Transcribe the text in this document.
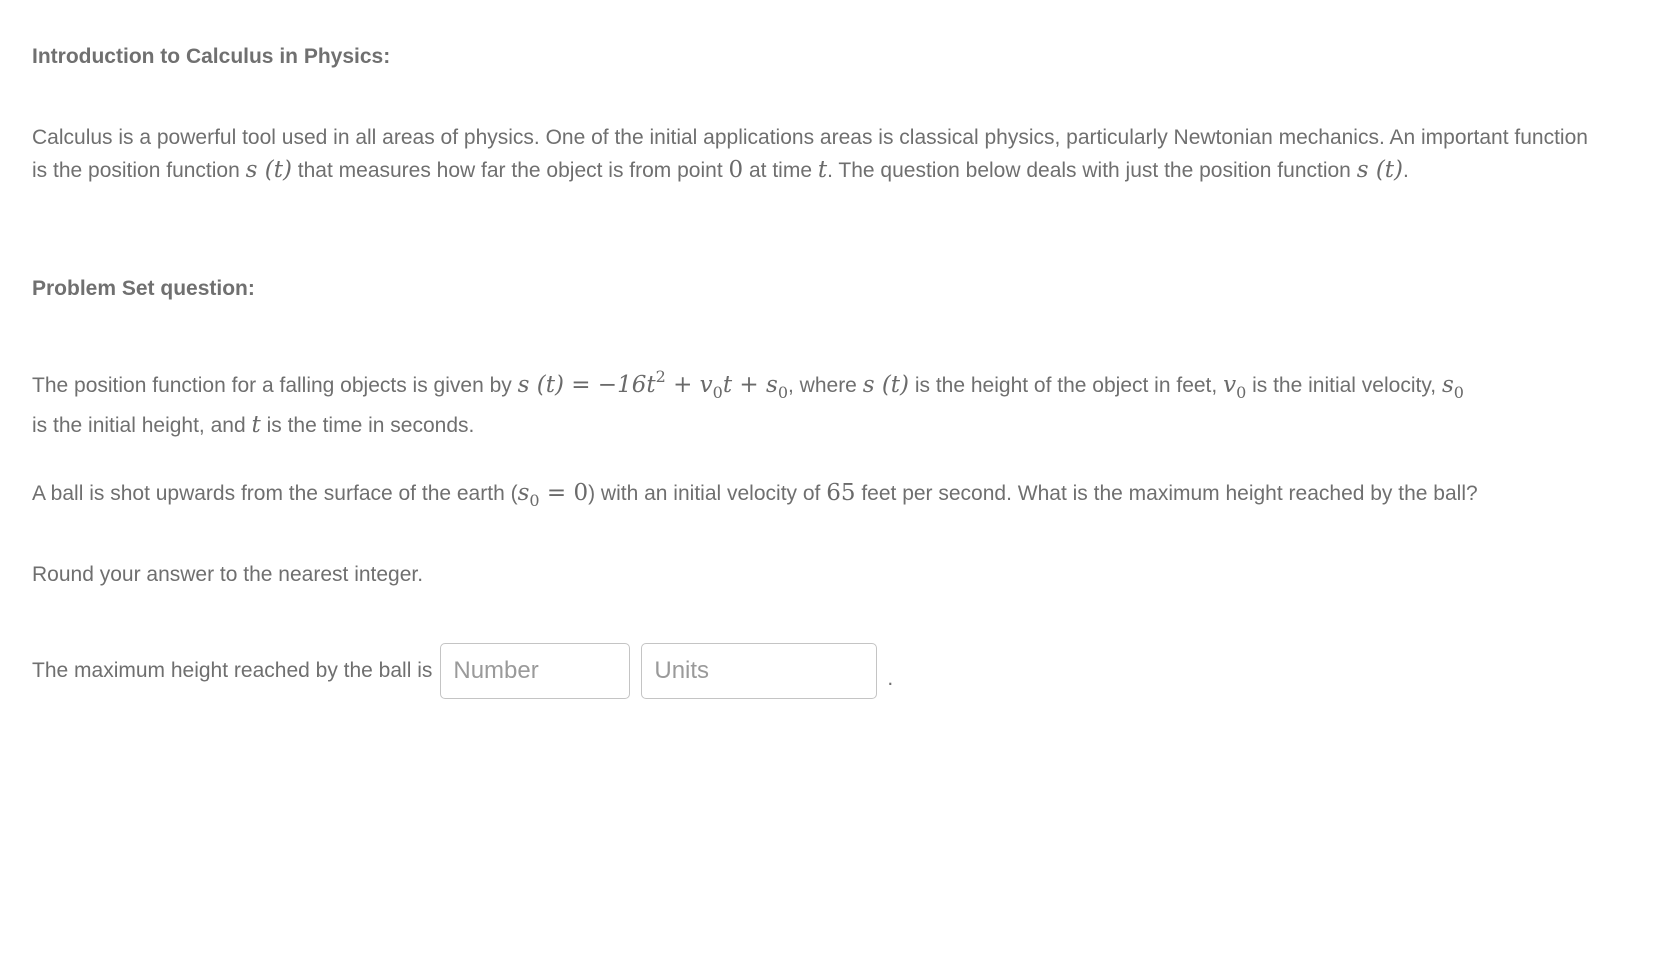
Introduction to Calculus in Physics:

Calculus is a powerful tool used in all areas of physics. One of the initial applications areas is classical physics, particularly Newtonian mechanics. An important function is the position function s (t) that measures how far the object is from point 0 at time t. The question below deals with just the position function s (t).

Problem Set question:

The position function for a falling objects is given by s $(t) = -16t^2 + v_0t + s_0$, where s (t) is the height of the object in feet, $v_0$ is the initial velocity, $s_0$
is the initial height, and t is the time in seconds.

A ball is shot upwards from the surface of the earth $(s_0 = 0)$ with an initial velocity of 65 feet per second. What is the maximum height reached by the ball?

Round your answer to the nearest integer.

The maximum height reached by the ball is
Number
Units	.
